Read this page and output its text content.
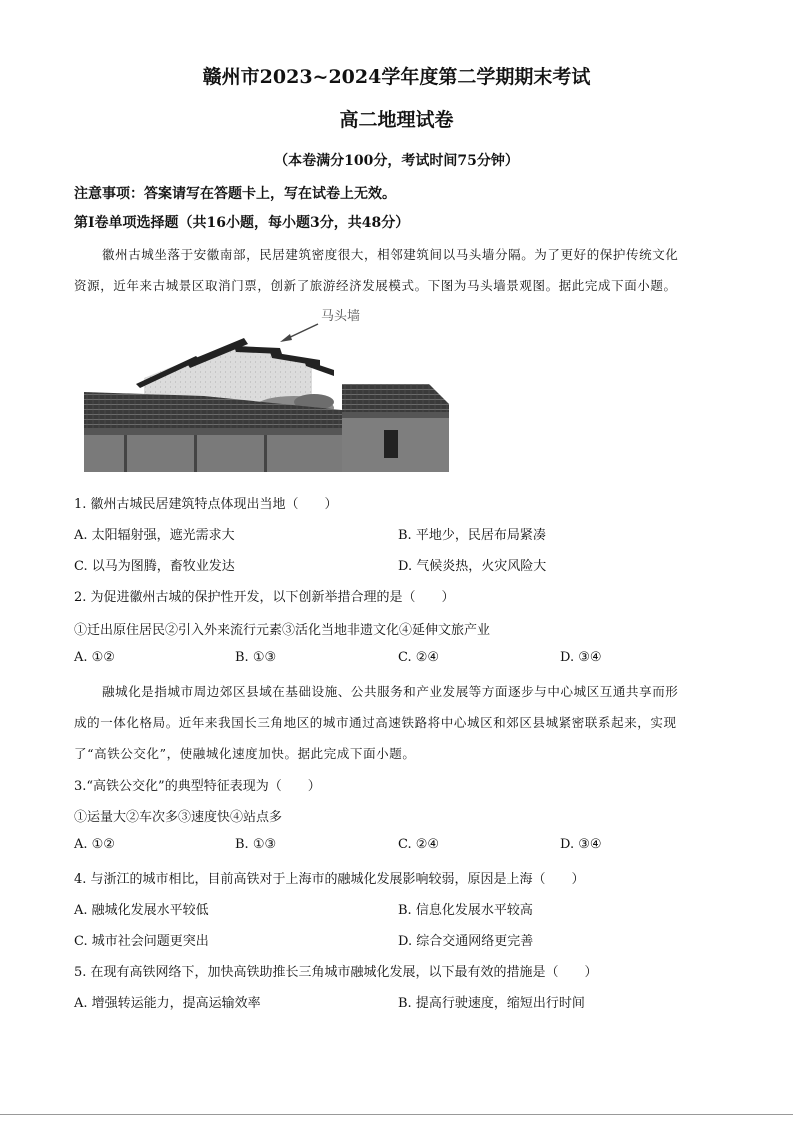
赣州市2023~2024学年度第二学期期末考试
高二地理试卷
（本卷满分100分，考试时间75分钟）
注意事项：答案请写在答题卡上，写在试卷上无效。
第I卷单项选择题（共16小题，每小题3分，共48分）
徽州古城坐落于安徽南部，民居建筑密度很大，相邻建筑间以马头墙分隔。为了更好的保护传统文化
资源，近年来古城景区取消门票，创新了旅游经济发展模式。下图为马头墙景观图。据此完成下面小题。
马头墙
1. 徽州古城民居建筑特点体现出当地（　　）
A. 太阳辐射强，遮光需求大	B. 平地少，民居布局紧凑
C. 以马为图腾，畜牧业发达	D. 气候炎热，火灾风险大
2. 为促进徽州古城的保护性开发，以下创新举措合理的是（　　）
①迁出原住居民②引入外来流行元素③活化当地非遗文化④延伸文旅产业
A. ①②	B. ①③	C. ②④	D. ③④
融城化是指城市周边郊区县域在基础设施、公共服务和产业发展等方面逐步与中心城区互通共享而形
成的一体化格局。近年来我国长三角地区的城市通过高速铁路将中心城区和郊区县城紧密联系起来，实现
了“高铁公交化”，使融城化速度加快。据此完成下面小题。
3.“高铁公交化”的典型特征表现为（　　）
①运量大②车次多③速度快④站点多
A. ①②	B. ①③	C. ②④	D. ③④
4. 与浙江的城市相比，目前高铁对于上海市的融城化发展影响较弱，原因是上海（　　）
A. 融城化发展水平较低	B. 信息化发展水平较高
C. 城市社会问题更突出	D. 综合交通网络更完善
5. 在现有高铁网络下，加快高铁助推长三角城市融城化发展，以下最有效的措施是（　　）
A. 增强转运能力，提高运输效率	B. 提高行驶速度，缩短出行时间
